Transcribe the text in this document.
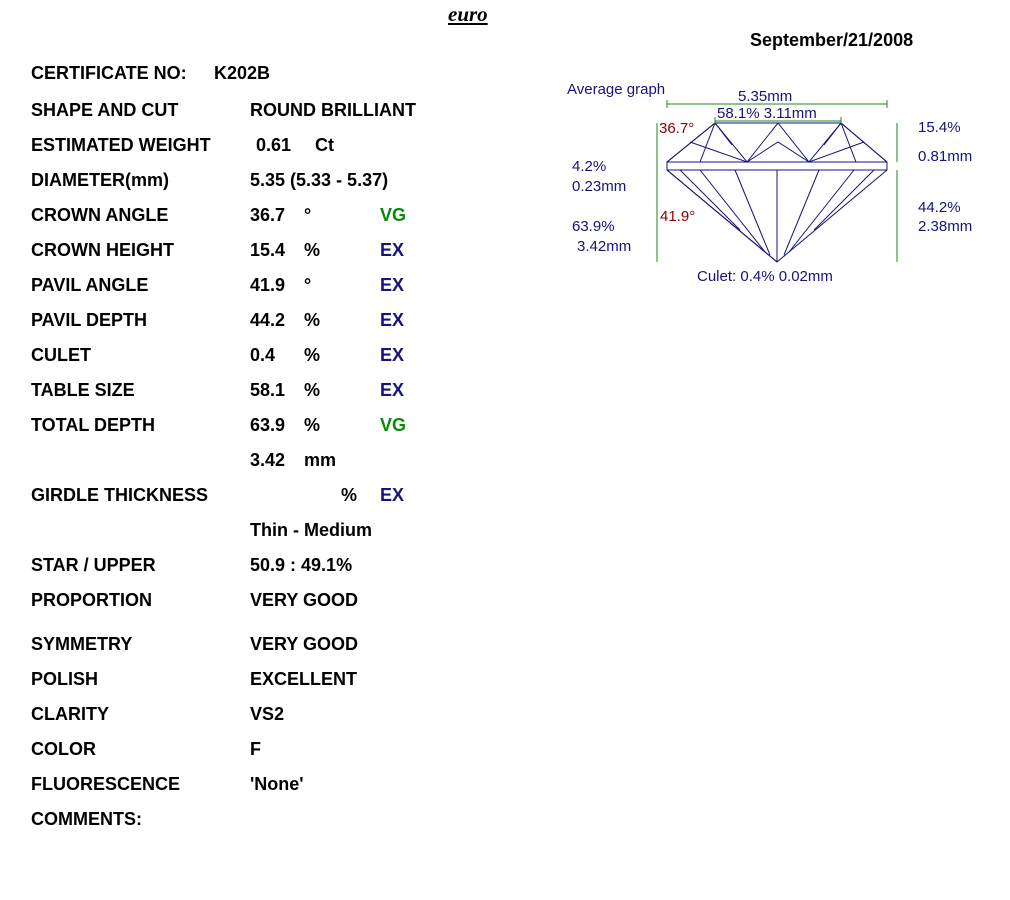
euro
September/21/2008
CERTIFICATE NO: K202B
SHAPE AND CUT	ROUND BRILLIANT
ESTIMATED WEIGHT	0.61 Ct
DIAMETER(mm)	5.35 (5.33 - 5.37)
CROWN ANGLE	36.7 °	VG
CROWN HEIGHT	15.4 %	EX
PAVIL ANGLE	41.9 °	EX
PAVIL DEPTH	44.2 %	EX
CULET	0.4 %	EX
TABLE SIZE	58.1 %	EX
TOTAL DEPTH	63.9 %	VG
3.42 mm
GIRDLE THICKNESS	% EX
Thin - Medium
STAR / UPPER	50.9 : 49.1%
PROPORTION	VERY GOOD
SYMMETRY	VERY GOOD
POLISH	EXCELLENT
CLARITY	VS2
COLOR	F
FLUORESCENCE	'None'
COMMENTS:
Average graph	5.35mm
58.1% 3.11mm
36.7°	15.4%
0.81mm
4.2%
0.23mm
44.2%
2.38mm
41.9°
63.9%
3.42mm
Culet: 0.4% 0.02mm
